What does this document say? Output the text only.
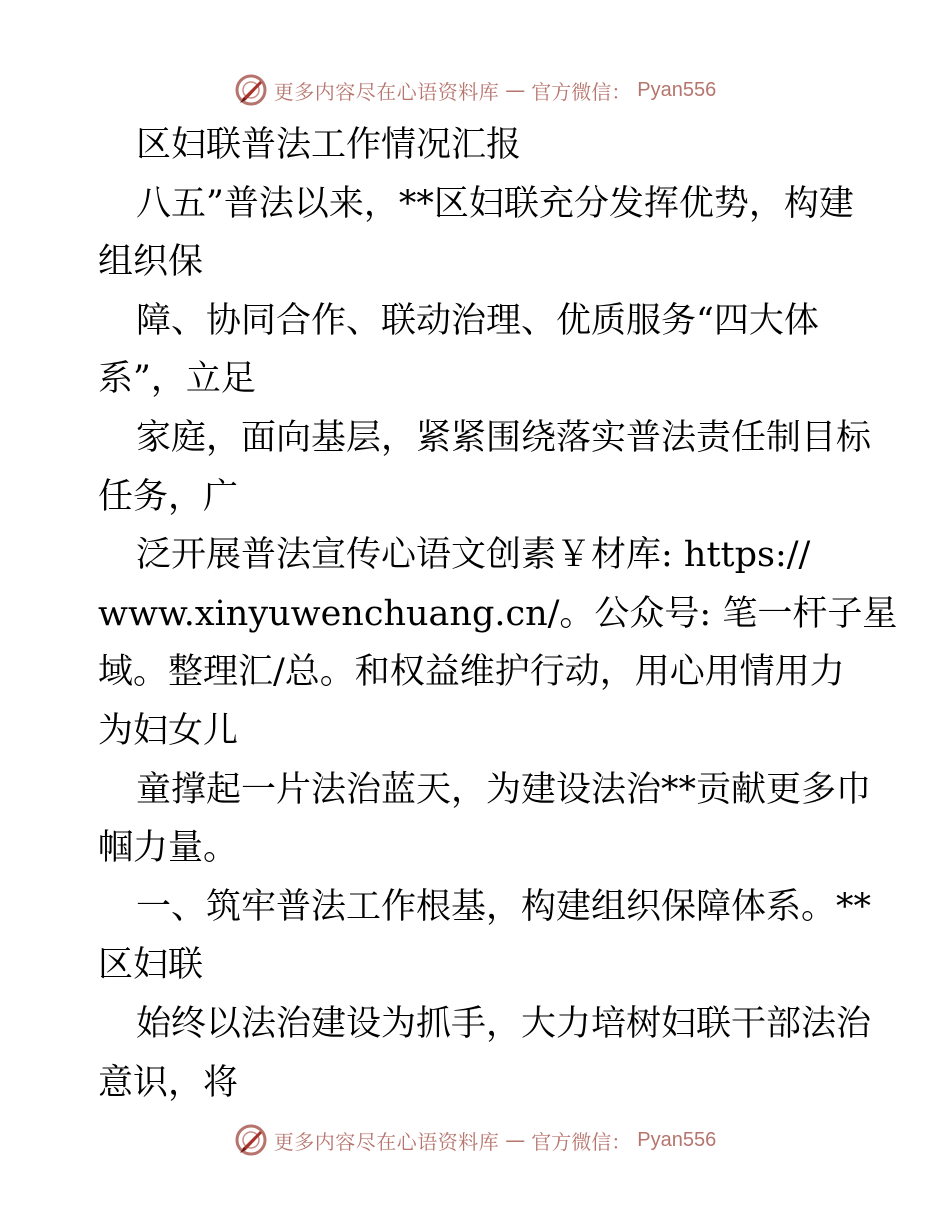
更多内容尽在心语资料库 — 官方微信： Pyan556
区妇联普法工作情况汇报
八五”普法以来，**区妇联充分发挥优势，构建
组织保
障、协同合作、联动治理、优质服务“四大体
系”，立足
家庭，面向基层，紧紧围绕落实普法责任制目标
任务，广
泛开展普法宣传心语文创素￥材库: https://
www.xinyuwenchuang.cn/。公众号: 笔一杆子星
域。整理汇/总。和权益维护行动，用心用情用力
为妇女儿
童撑起一片法治蓝天，为建设法治**贡献更多巾
帼力量。
一、筑牢普法工作根基，构建组织保障体系。**
区妇联
始终以法治建设为抓手，大力培树妇联干部法治
意识，将
更多内容尽在心语资料库 — 官方微信： Pyan556
